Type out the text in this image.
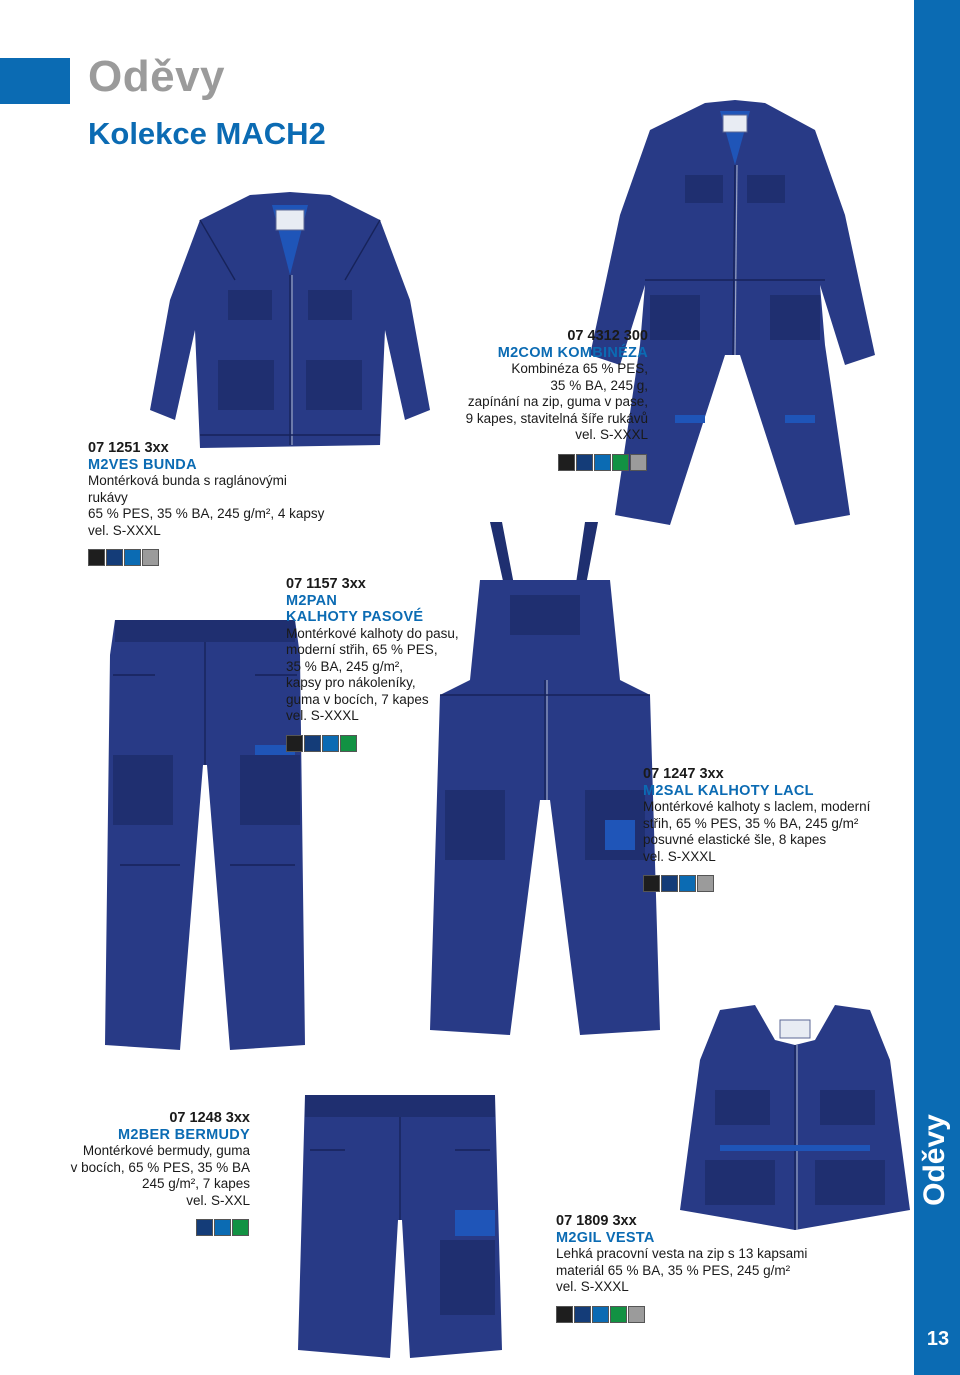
Oděvy
Kolekce MACH2
Oděvy
13
07 1251 3xx
M2VES BUNDA
Montérková bunda s raglánovými rukávy
65 % PES, 35 % BA, 245 g/m², 4 kapsy
vel. S-XXXL
07 4312 300
M2COM KOMBINÉZA
Kombinéza 65 % PES,
35 % BA, 245 g,
zapínání na zip, guma v pase,
9 kapes, stavitelná šíře rukávů
vel. S-XXXL
07 1157 3xx
M2PAN
KALHOTY PASOVÉ
Montérkové kalhoty do pasu,
moderní střih, 65 % PES,
35 % BA, 245 g/m²,
kapsy pro nákoleníky,
guma v bocích, 7 kapes
vel. S-XXXL
07 1247 3xx
M2SAL KALHOTY LACL
Montérkové kalhoty s laclem, moderní
střih, 65 % PES, 35 % BA, 245 g/m²
posuvné elastické šle, 8 kapes
vel. S-XXXL
07 1248 3xx
M2BER BERMUDY
Montérkové bermudy, guma
v bocích, 65 % PES, 35 % BA
245 g/m², 7 kapes
vel. S-XXL
07 1809 3xx
M2GIL VESTA
Lehká pracovní vesta na zip s 13 kapsami
materiál 65 % BA, 35 % PES, 245 g/m²
vel. S-XXXL
